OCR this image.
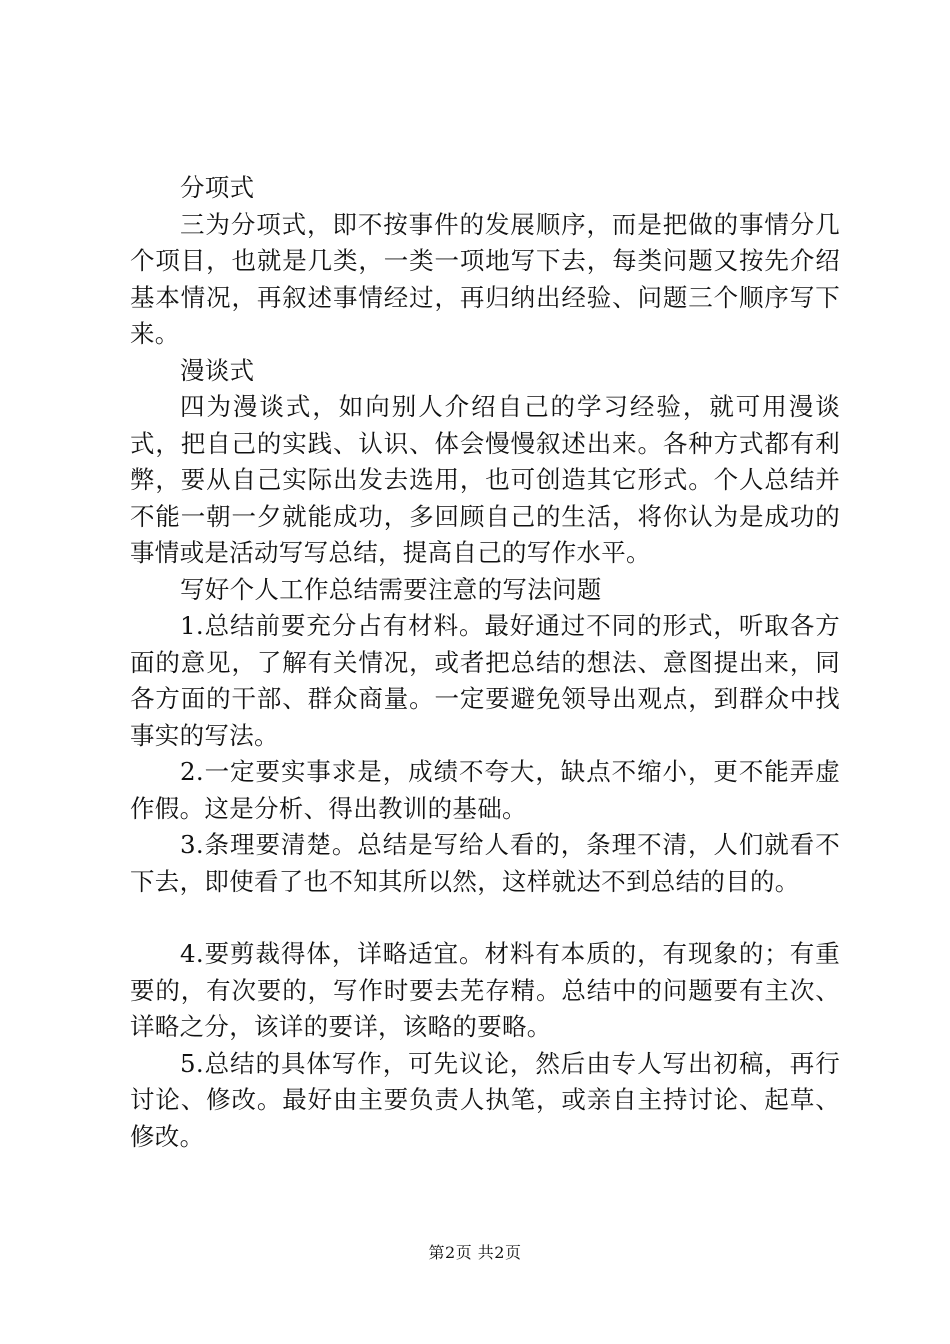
分项式

三为分项式，即不按事件的发展顺序，而是把做的事情分几个项目，也就是几类，一类一项地写下去，每类问题又按先介绍基本情况，再叙述事情经过，再归纳出经验、问题三个顺序写下来。

漫谈式

四为漫谈式，如向别人介绍自己的学习经验，就可用漫谈式，把自己的实践、认识、体会慢慢叙述出来。各种方式都有利弊，要从自己实际出发去选用，也可创造其它形式。个人总结并不能一朝一夕就能成功，多回顾自己的生活，将你认为是成功的事情或是活动写写总结，提高自己的写作水平。

写好个人工作总结需要注意的写法问题

1.总结前要充分占有材料。最好通过不同的形式，听取各方面的意见，了解有关情况，或者把总结的想法、意图提出来，同各方面的干部、群众商量。一定要避免领导出观点，到群众中找事实的写法。

2.一定要实事求是，成绩不夸大，缺点不缩小，更不能弄虚作假。这是分析、得出教训的基础。

3.条理要清楚。总结是写给人看的，条理不清，人们就看不下去，即使看了也不知其所以然，这样就达不到总结的目的。

4.要剪裁得体，详略适宜。材料有本质的，有现象的；有重要的，有次要的，写作时要去芜存精。总结中的问题要有主次、详略之分，该详的要详，该略的要略。

5.总结的具体写作，可先议论，然后由专人写出初稿，再行讨论、修改。最好由主要负责人执笔，或亲自主持讨论、起草、修改。

第2页 共2页
